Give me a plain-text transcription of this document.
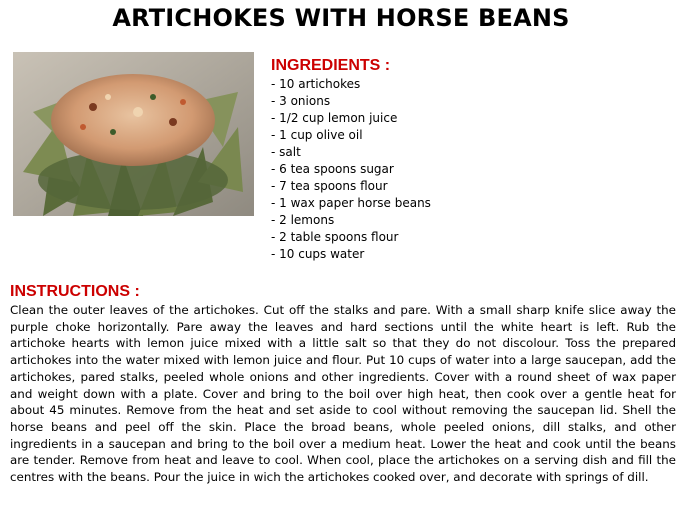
ARTICHOKES WITH HORSE BEANS
INGREDIENTS :
- 10 artichokes
- 3 onions
- 1/2 cup lemon juice
- 1 cup olive oil
- salt
- 6 tea spoons sugar
- 7 tea spoons flour
- 1 wax paper horse beans
- 2 lemons
- 2 table spoons flour
- 10 cups water
INSTRUCTIONS :

Clean the outer leaves of the artichokes. Cut off the stalks and pare. With a small sharp knife slice away the purple choke horizontally. Pare away the leaves and hard sections until the white heart is left. Rub the artichoke hearts with lemon juice mixed with a little salt so that they do not discolour. Toss the prepared artichokes into the water mixed with lemon juice and flour. Put 10 cups of water into a large saucepan, add the artichokes, pared stalks, peeled whole onions and other ingredients. Cover with a round sheet of wax paper and weight down with a plate. Cover and bring to the boil over high heat, then cook over a gentle heat for about 45 minutes. Remove from the heat and set aside to cool without removing the saucepan lid. Shell the horse beans and peel off the skin. Place the broad beans, whole peeled onions, dill stalks, and other ingredients in a saucepan and bring to the boil over a medium heat. Lower the heat and cook until the beans are tender. Remove from heat and leave to cool. When cool, place the artichokes on a serving dish and fill the centres with the beans. Pour the juice in wich the artichokes cooked over, and decorate with springs of dill.
